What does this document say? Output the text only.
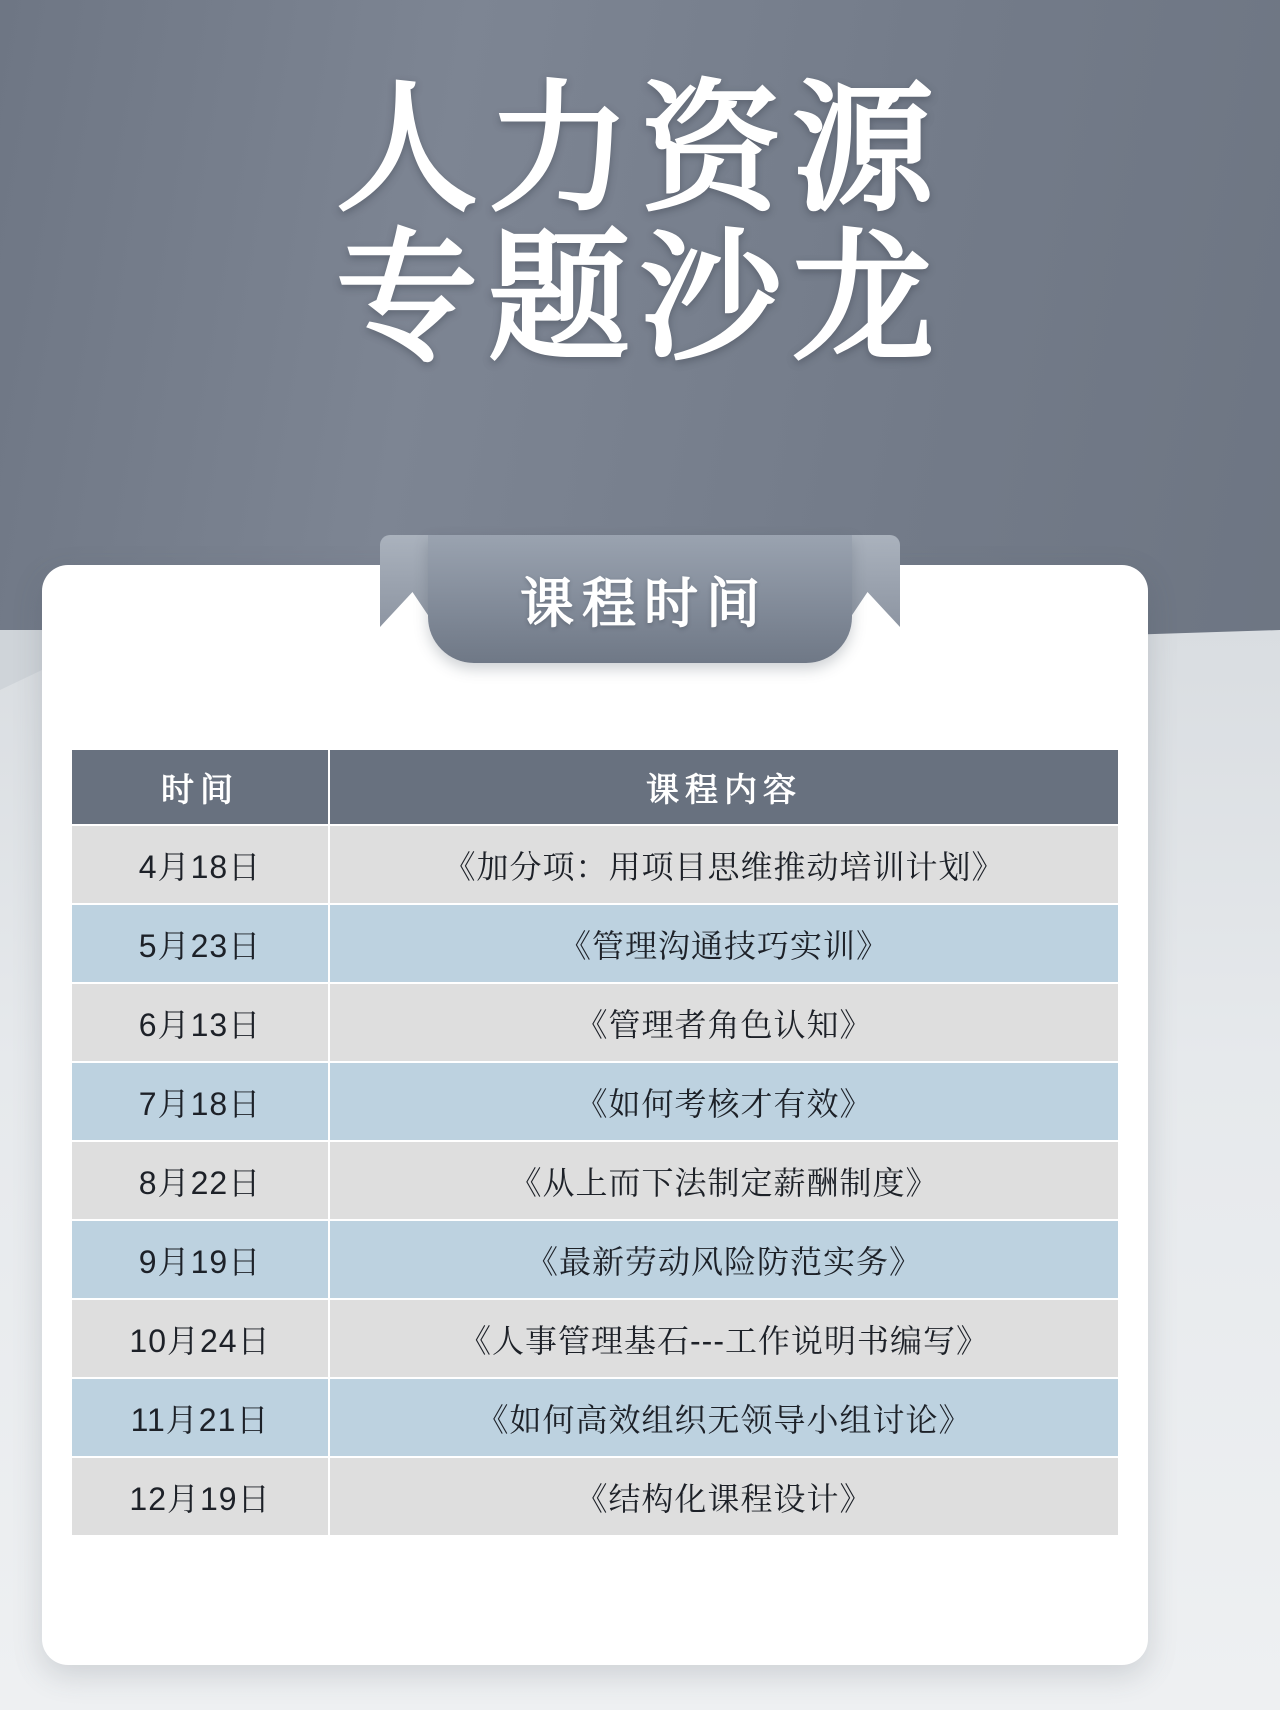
人力资源
专题沙龙
课程时间
时间	课程内容
4月18日	《加分项：用项目思维推动培训计划》
5月23日	《管理沟通技巧实训》
6月13日	《管理者角色认知》
7月18日	《如何考核才有效》
8月22日	《从上而下法制定薪酬制度》
9月19日	《最新劳动风险防范实务》
10月24日	《人事管理基石---工作说明书编写》
11月21日	《如何高效组织无领导小组讨论》
12月19日	《结构化课程设计》
